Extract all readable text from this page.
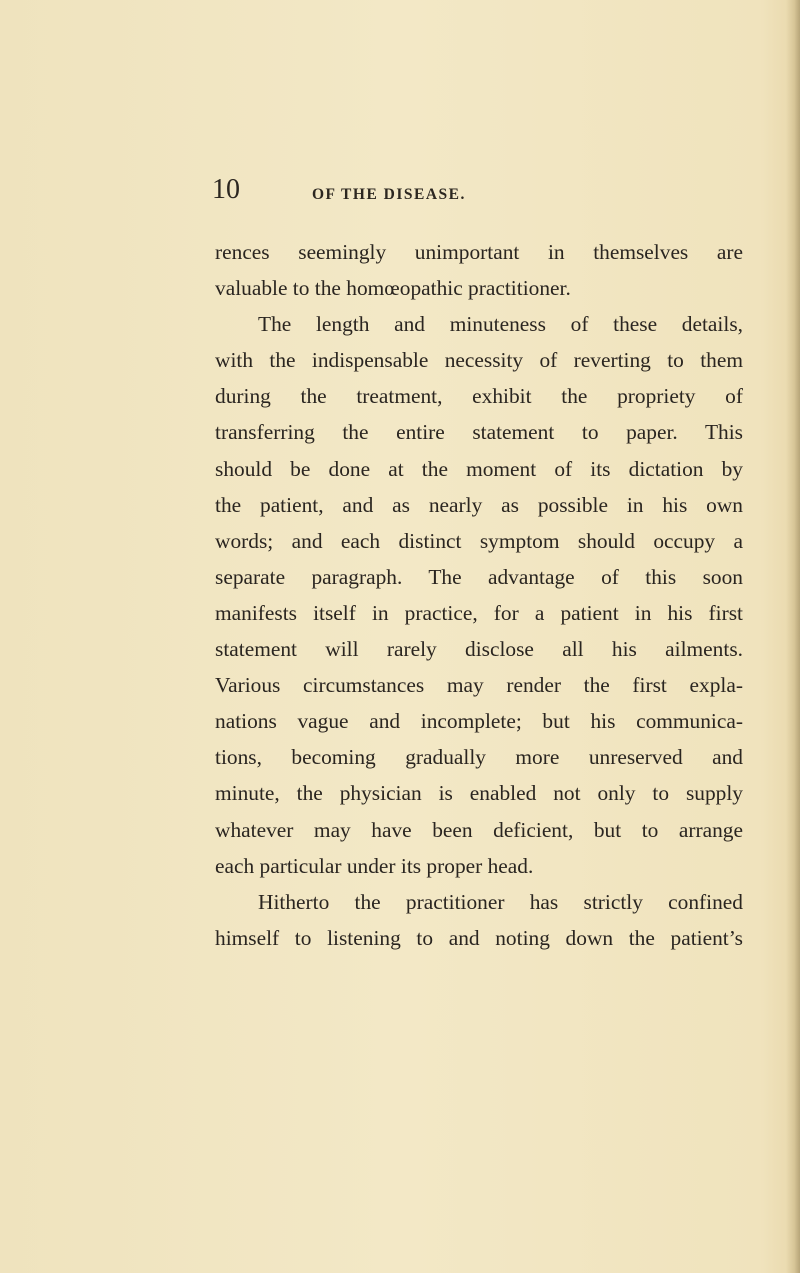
10	OF THE DISEASE.
rences seemingly unimportant in themselves are
valuable to the homœopathic practitioner.
The length and minuteness of these details,
with the indispensable necessity of reverting to them
during the treatment, exhibit the propriety of
transferring the entire statement to paper. This
should be done at the moment of its dictation by
the patient, and as nearly as possible in his own
words; and each distinct symptom should occupy a
separate paragraph. The advantage of this soon
manifests itself in practice, for a patient in his first
statement will rarely disclose all his ailments.
Various circumstances may render the first expla-
nations vague and incomplete; but his communica-
tions, becoming gradually more unreserved and
minute, the physician is enabled not only to supply
whatever may have been deficient, but to arrange
each particular under its proper head.
Hitherto the practitioner has strictly confined
himself to listening to and noting down the patient’s
